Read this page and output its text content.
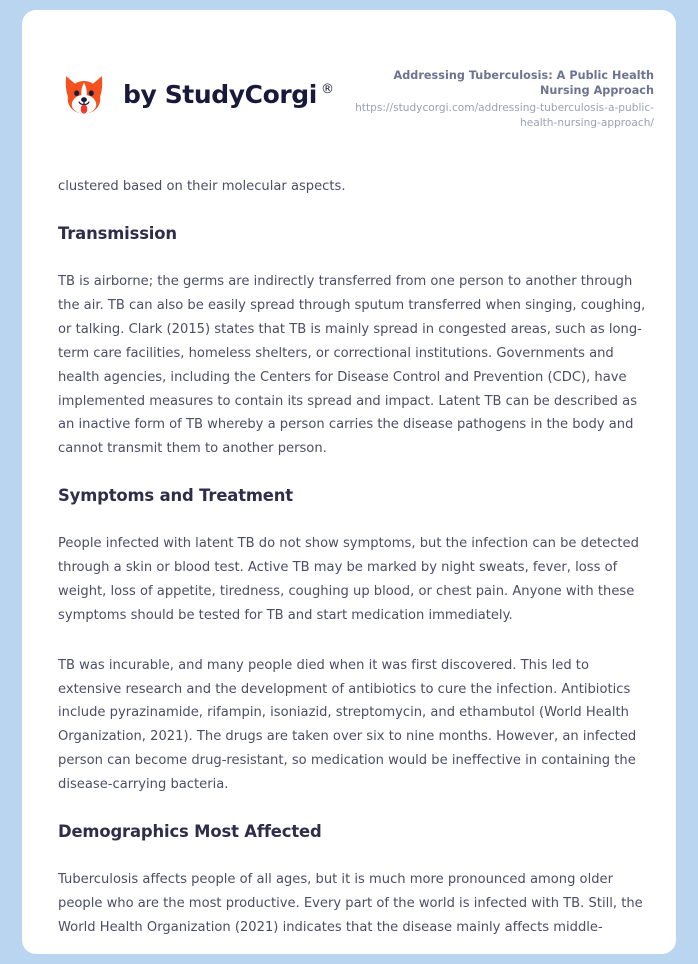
by StudyCorgi ®

Addressing Tuberculosis: A Public Health Nursing Approach

https://studycorgi.com/addressing-tuberculosis-a-public-health-nursing-approach/

clustered based on their molecular aspects.

Transmission

TB is airborne; the germs are indirectly transferred from one person to another through the air. TB can also be easily spread through sputum transferred when singing, coughing, or talking. Clark (2015) states that TB is mainly spread in congested areas, such as long-term care facilities, homeless shelters, or correctional institutions. Governments and health agencies, including the Centers for Disease Control and Prevention (CDC), have implemented measures to contain its spread and impact. Latent TB can be described as an inactive form of TB whereby a person carries the disease pathogens in the body and cannot transmit them to another person.

Symptoms and Treatment

People infected with latent TB do not show symptoms, but the infection can be detected through a skin or blood test. Active TB may be marked by night sweats, fever, loss of weight, loss of appetite, tiredness, coughing up blood, or chest pain. Anyone with these symptoms should be tested for TB and start medication immediately.

TB was incurable, and many people died when it was first discovered. This led to extensive research and the development of antibiotics to cure the infection. Antibiotics include pyrazinamide, rifampin, isoniazid, streptomycin, and ethambutol (World Health Organization, 2021). The drugs are taken over six to nine months. However, an infected person can become drug-resistant, so medication would be ineffective in containing the disease-carrying bacteria.

Demographics Most Affected

Tuberculosis affects people of all ages, but it is much more pronounced among older people who are the most productive. Every part of the world is infected with TB. Still, the World Health Organization (2021) indicates that the disease mainly affects middle-
